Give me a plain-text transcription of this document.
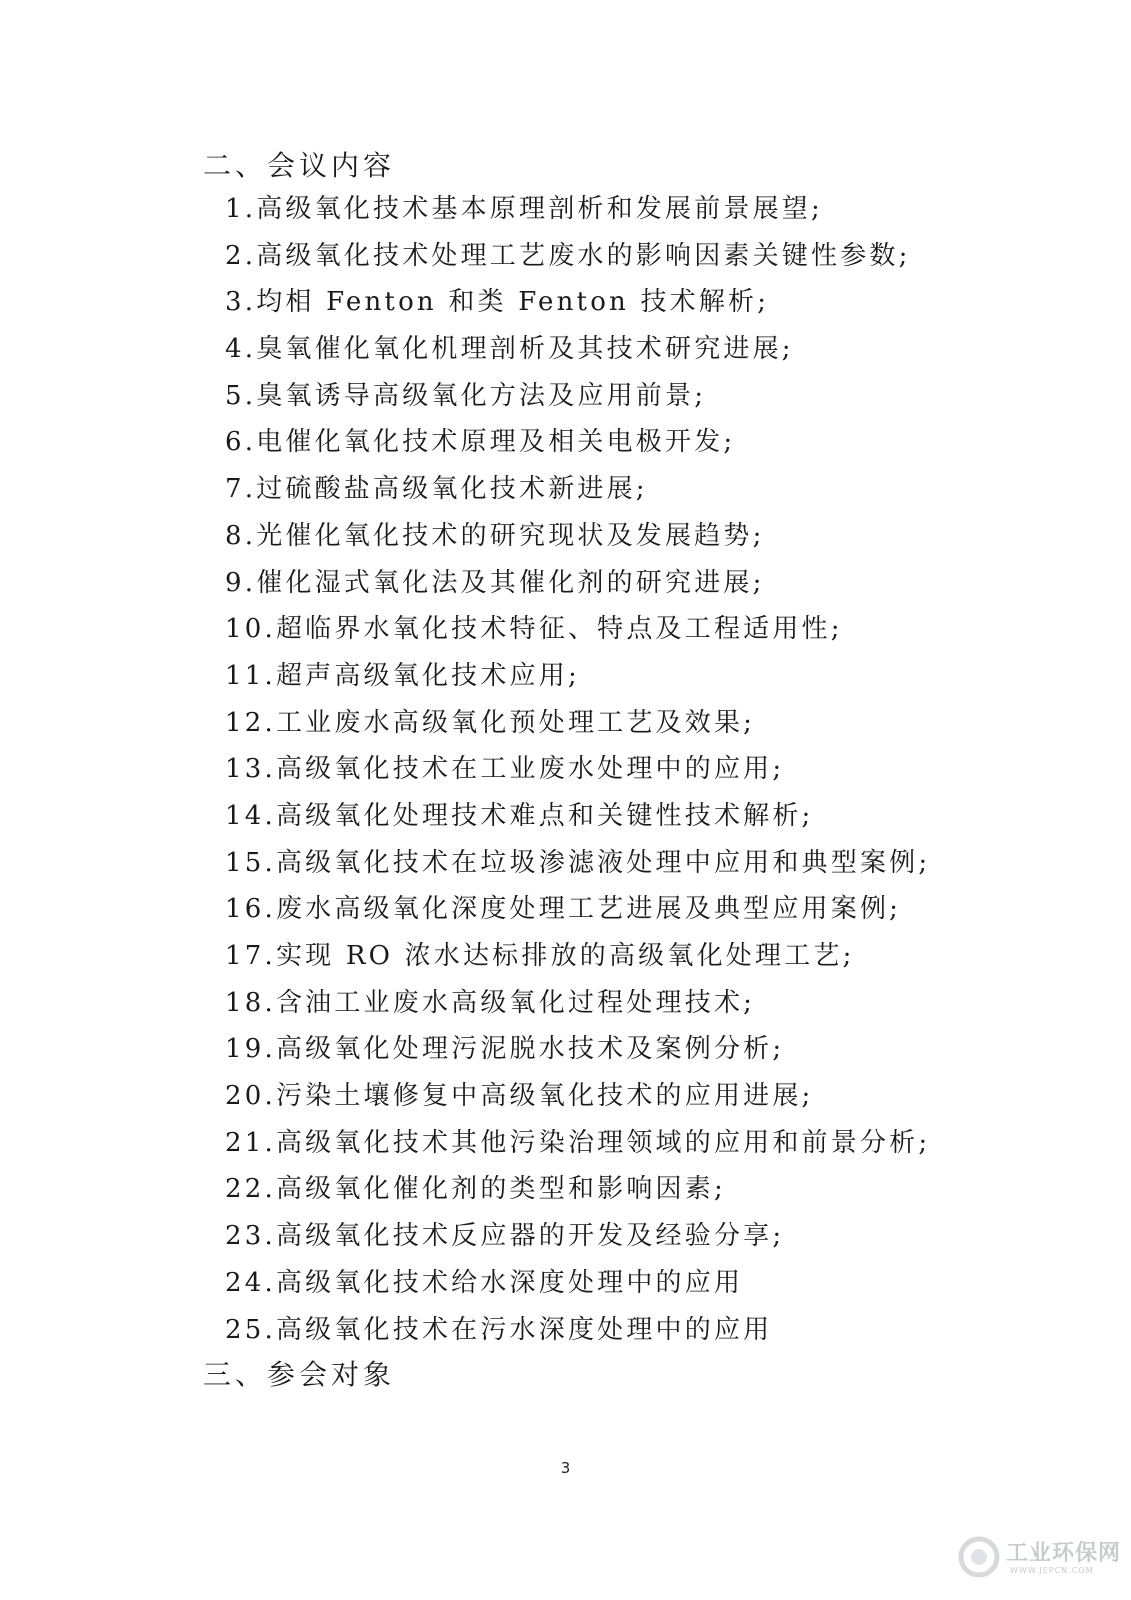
二、会议内容
1.高级氧化技术基本原理剖析和发展前景展望;
2.高级氧化技术处理工艺废水的影响因素关键性参数;
3.均相 Fenton 和类 Fenton 技术解析;
4.臭氧催化氧化机理剖析及其技术研究进展;
5.臭氧诱导高级氧化方法及应用前景;
6.电催化氧化技术原理及相关电极开发;
7.过硫酸盐高级氧化技术新进展;
8.光催化氧化技术的研究现状及发展趋势;
9.催化湿式氧化法及其催化剂的研究进展;
10.超临界水氧化技术特征、特点及工程适用性;
11.超声高级氧化技术应用;
12.工业废水高级氧化预处理工艺及效果;
13.高级氧化技术在工业废水处理中的应用;
14.高级氧化处理技术难点和关键性技术解析;
15.高级氧化技术在垃圾渗滤液处理中应用和典型案例;
16.废水高级氧化深度处理工艺进展及典型应用案例;
17.实现 RO 浓水达标排放的高级氧化处理工艺;
18.含油工业废水高级氧化过程处理技术;
19.高级氧化处理污泥脱水技术及案例分析;
20.污染土壤修复中高级氧化技术的应用进展;
21.高级氧化技术其他污染治理领域的应用和前景分析;
22.高级氧化催化剂的类型和影响因素;
23.高级氧化技术反应器的开发及经验分享;
24.高级氧化技术给水深度处理中的应用
25.高级氧化技术在污水深度处理中的应用
三、参会对象
3
工业环保网
WWW.JEPCN.COM
